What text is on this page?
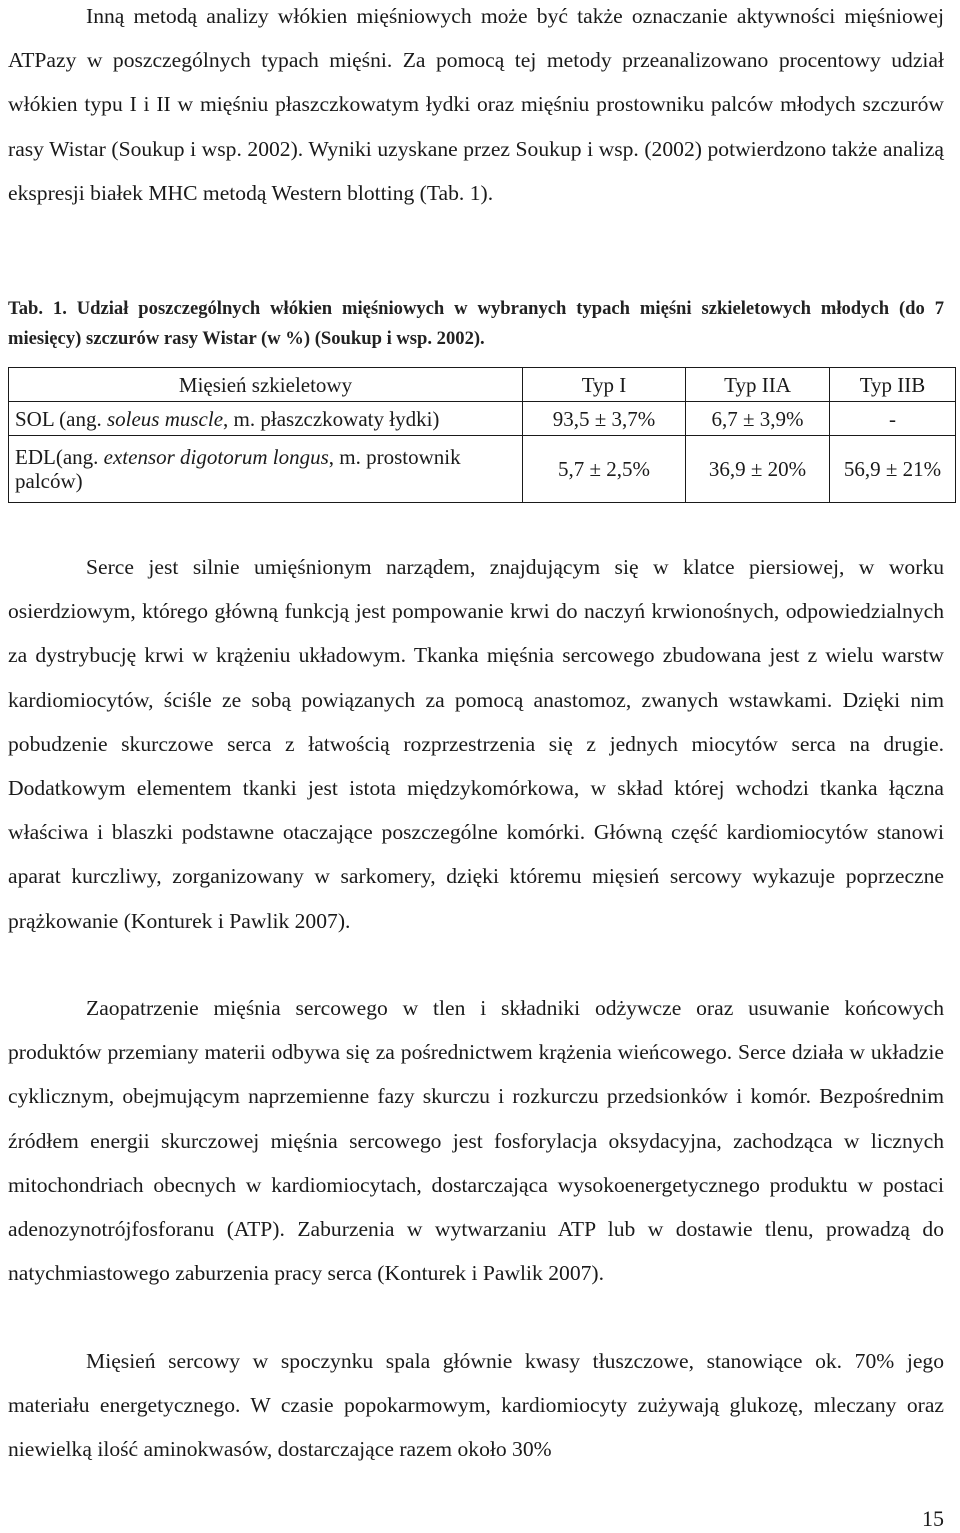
Inną metodą analizy włókien mięśniowych może być także oznaczanie aktywności mięśniowej ATPazy w poszczególnych typach mięśni. Za pomocą tej metody przeanalizowano procentowy udział włókien typu I i II w mięśniu płaszczkowatym łydki oraz mięśniu prostowniku palców młodych szczurów rasy Wistar (Soukup i wsp. 2002). Wyniki uzyskane przez Soukup i wsp. (2002) potwierdzono także analizą ekspresji białek MHC metodą Western blotting (Tab. 1).

Tab. 1. Udział poszczególnych włókien mięśniowych w wybranych typach mięśni szkieletowych młodych (do 7 miesięcy) szczurów rasy Wistar (w %) (Soukup i wsp. 2002).

Mięsień szkieletowy	Typ I	Typ IIA	Typ IIB
SOL (ang. soleus muscle, m. płaszczkowaty łydki)	93,5 ± 3,7%	6,7 ± 3,9%	-
EDL(ang. extensor digotorum longus, m. prostownik palców)	5,7 ± 2,5%	36,9 ± 20%	56,9 ± 21%

Serce jest silnie umięśnionym narządem, znajdującym się w klatce piersiowej, w worku osierdziowym, którego główną funkcją jest pompowanie krwi do naczyń krwionośnych, odpowiedzialnych za dystrybucję krwi w krążeniu układowym. Tkanka mięśnia sercowego zbudowana jest z wielu warstw kardiomiocytów, ściśle ze sobą powiązanych za pomocą anastomoz, zwanych wstawkami. Dzięki nim pobudzenie skurczowe serca z łatwością rozprzestrzenia się z jednych miocytów serca na drugie. Dodatkowym elementem tkanki jest istota międzykomórkowa, w skład której wchodzi tkanka łączna właściwa i blaszki podstawne otaczające poszczególne komórki. Główną część kardiomiocytów stanowi aparat kurczliwy, zorganizowany w sarkomery, dzięki któremu mięsień sercowy wykazuje poprzeczne prążkowanie (Konturek i Pawlik 2007).

Zaopatrzenie mięśnia sercowego w tlen i składniki odżywcze oraz usuwanie końcowych produktów przemiany materii odbywa się za pośrednictwem krążenia wieńcowego. Serce działa w układzie cyklicznym, obejmującym naprzemienne fazy skurczu i rozkurczu przedsionków i komór. Bezpośrednim źródłem energii skurczowej mięśnia sercowego jest fosforylacja oksydacyjna, zachodząca w licznych mitochondriach obecnych w kardiomiocytach, dostarczająca wysokoenergetycznego produktu w postaci adenozynotrójfosforanu (ATP). Zaburzenia w wytwarzaniu ATP lub w dostawie tlenu, prowadzą do natychmiastowego zaburzenia pracy serca (Konturek i Pawlik 2007).

Mięsień sercowy w spoczynku spala głównie kwasy tłuszczowe, stanowiące ok. 70% jego materiału energetycznego. W czasie popokarmowym, kardiomiocyty zużywają glukozę, mleczany oraz niewielką ilość aminokwasów, dostarczające razem około 30%

15
